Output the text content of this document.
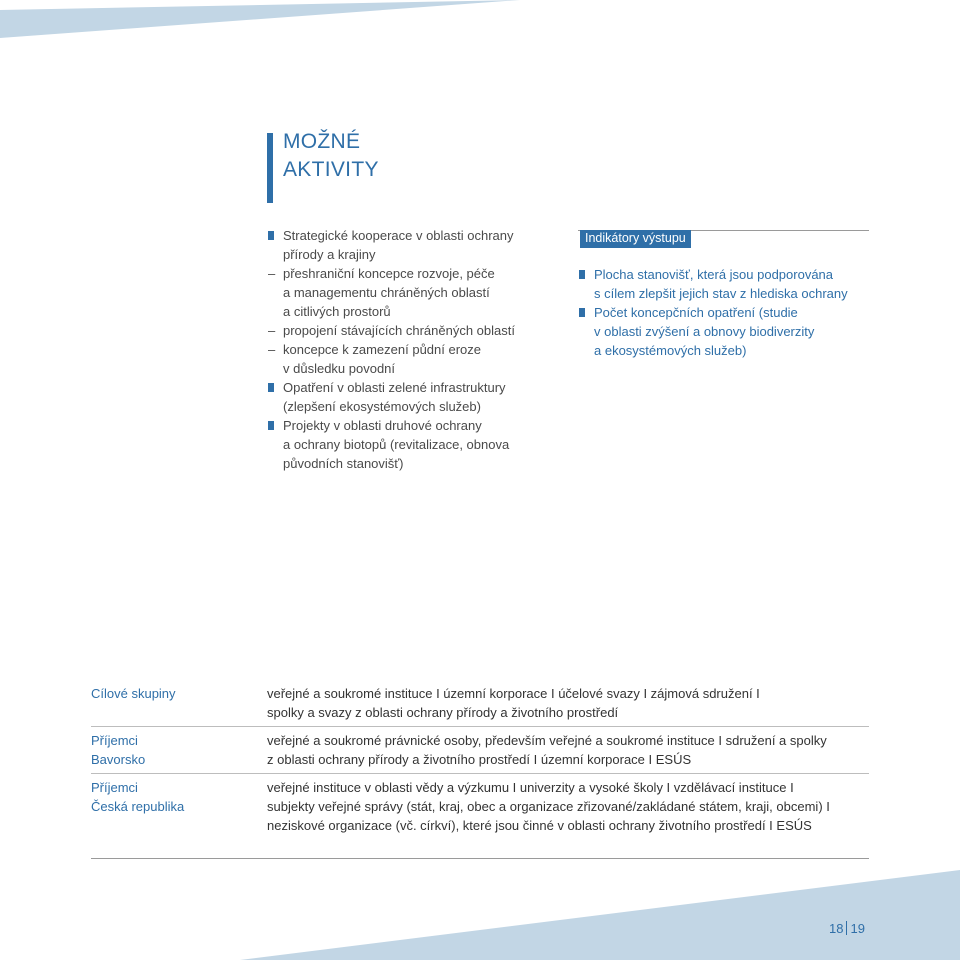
MOŽNÉ
AKTIVITY
Strategické kooperace v oblasti ochrany
přírody a krajiny
– přeshraniční koncepce rozvoje, péče
a managementu chráněných oblastí
a citlivých prostorů
– propojení stávajících chráněných oblastí
– koncepce k zamezení půdní eroze
v důsledku povodní
Opatření v oblasti zelené infrastruktury
(zlepšení ekosystémových služeb)
Projekty v oblasti druhové ochrany
a ochrany biotopů (revitalizace, obnova
původních stanovišť)
Indikátory výstupu
Plocha stanovišť, která jsou podporována
s cílem zlepšit jejich stav z hlediska ochrany
Počet koncepčních opatření (studie
v oblasti zvýšení a obnovy biodiverzity
a ekosystémových služeb)
Cílové skupiny	veřejné a soukromé instituce I územní korporace I účelové svazy I zájmová sdružení I
spolky a svazy z oblasti ochrany přírody a životního prostředí
Příjemci
Bavorsko
veřejné a soukromé právnické osoby, především veřejné a soukromé instituce I sdružení a spolky
z oblasti ochrany přírody a životního prostředí I územní korporace I ESÚS
Příjemci
Česká republika
veřejné instituce v oblasti vědy a výzkumu I univerzity a vysoké školy I vzdělávací instituce I
subjekty veřejné správy (stát, kraj, obec a organizace zřizované/zakládané státem, kraji, obcemi) I
neziskové organizace (vč. církví), které jsou činné v oblasti ochrany životního prostředí I ESÚS
18 19
